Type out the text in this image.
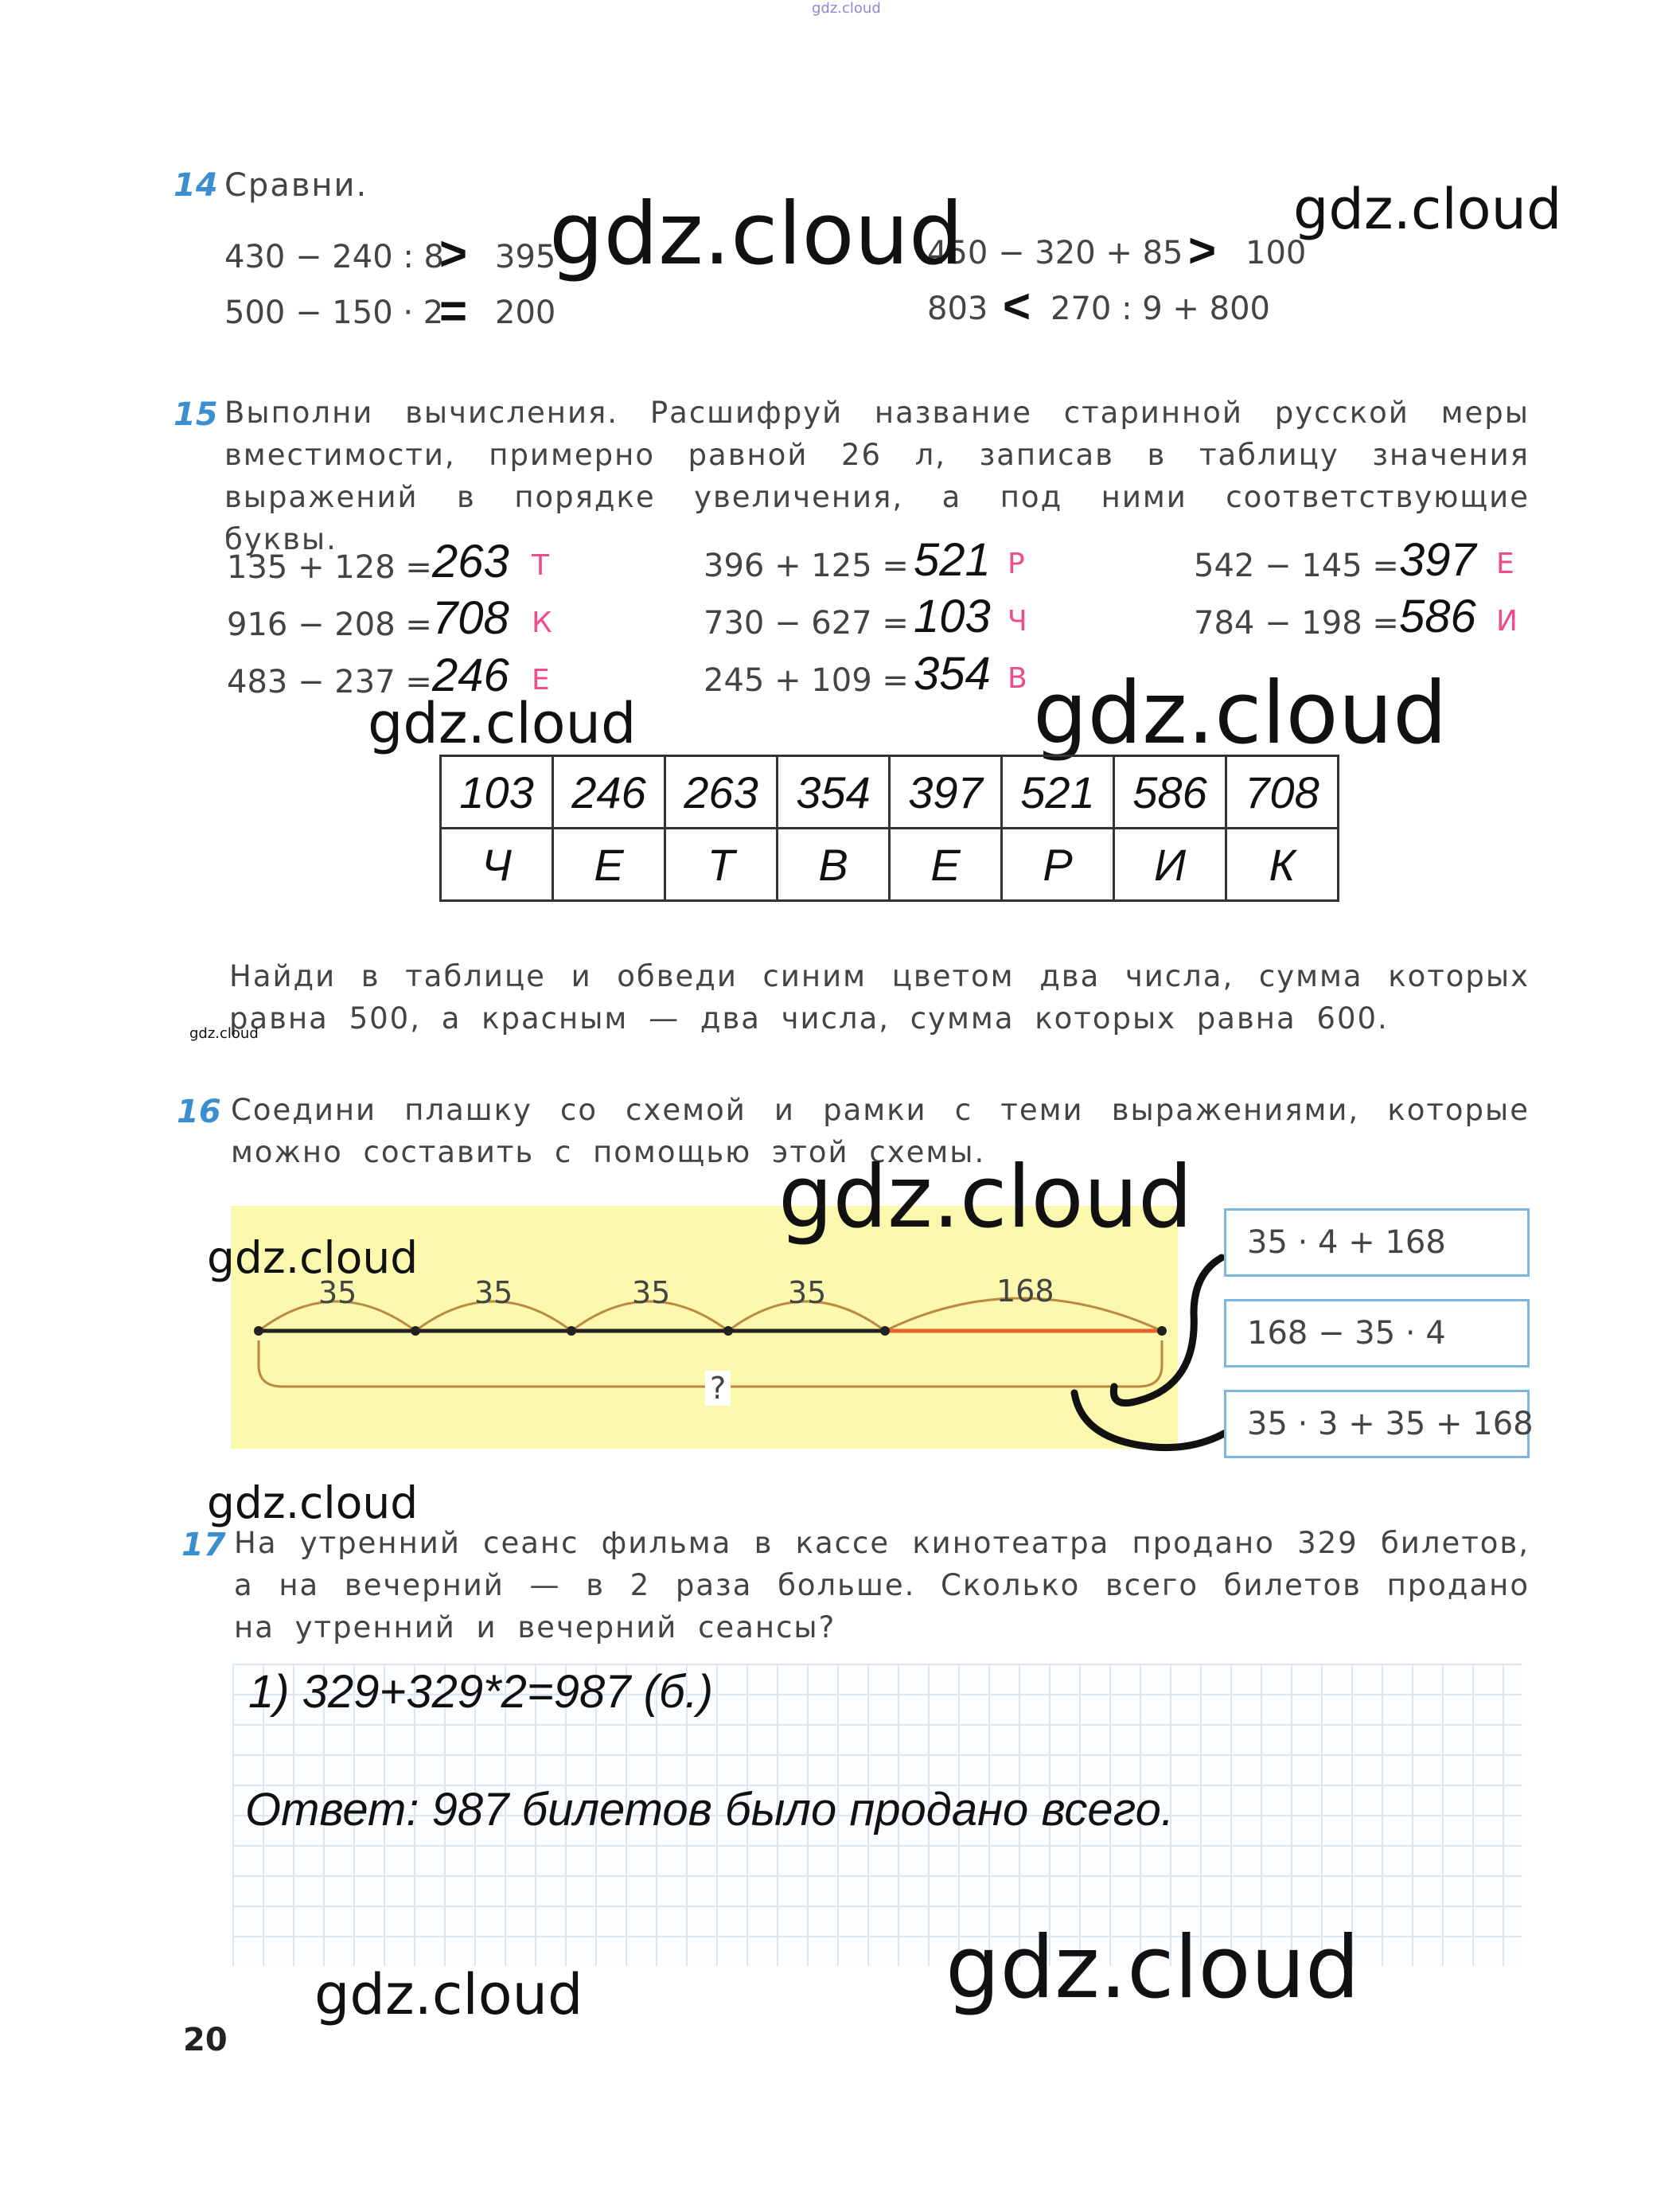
gdz.cloud
14 Сравни.
430 − 240 : 8
> 395
500 − 150 · 2
= 200
450 − 320 + 85 > 100
803 < 270 : 9 + 800
gdz.cloud	gdz.cloud
15 Выполни вычисления. Расшифруй название старинной русской меры вместимости, примерно равной 26 л, записав в таблицу значения выражений в порядке увеличения, а под ними соответствующие буквы.
135 + 128 = 263 Т
916 − 208 = 708 К
483 − 237 = 246 Е
396 + 125 = 521 Р
730 − 627 = 103 Ч
245 + 109 = 354 В
542 − 145 = 397 Е
784 − 198 = 586 И
gdz.cloud	gdz.cloud
103	246	263	354	397	521	586	708
Ч	Е	Т	В	Е	Р	И	К
Найди в таблице и обведи синим цветом два числа, сумма которых равна 500, а красным — два числа, сумма которых равна 600.
gdz.cloud
16 Соедини плашку со схемой и рамки с теми выражениями, которые можно составить с помощью этой схемы.
gdz.cloud
gdz.cloud
35	35	35	35	168
?
35 · 4 + 168
168 − 35 · 4
35 · 3 + 35 + 168
gdz.cloud
17 На утренний сеанс фильма в кассе кинотеатра продано 329 билетов, а на вечерний — в 2 раза больше. Сколько всего билетов продано на утренний и вечерний сеансы?
1) 329+329*2=987 (б.)
Ответ: 987 билетов было продано всего.
gdz.cloud	gdz.cloud
20
